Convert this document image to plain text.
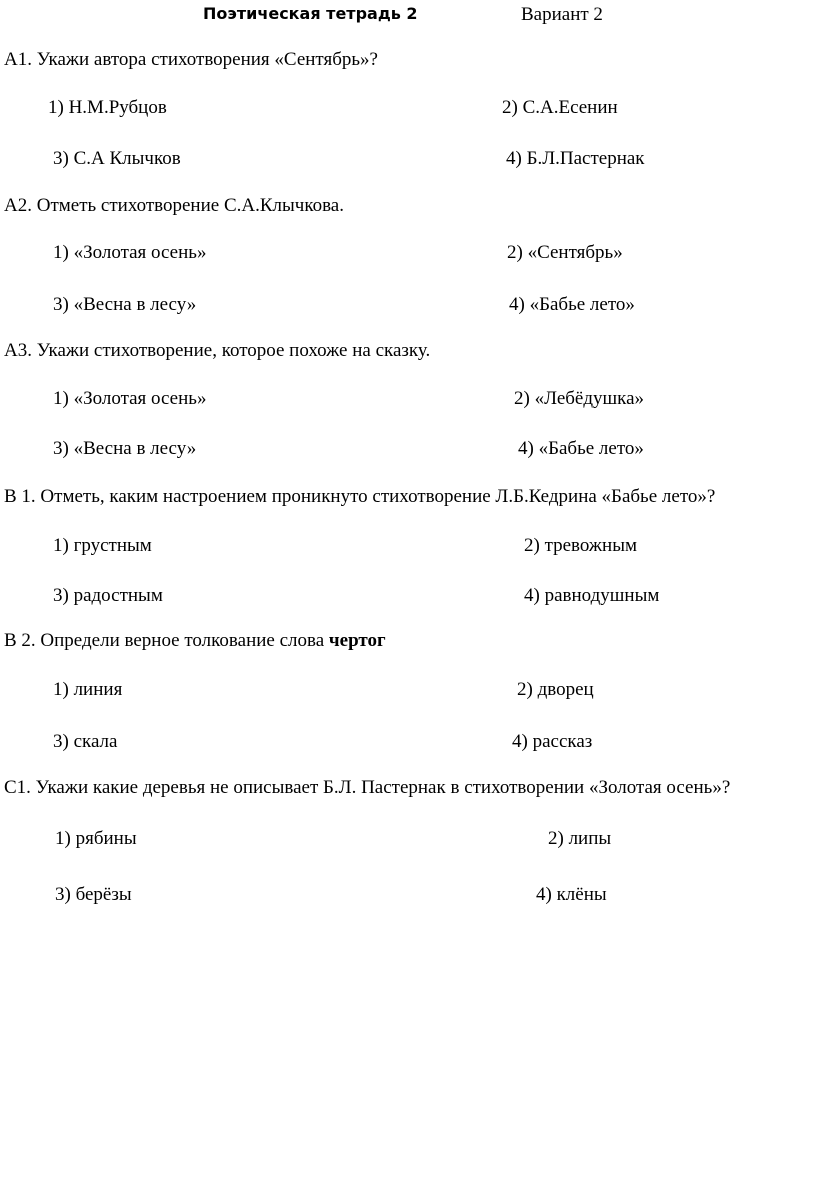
Поэтическая тетрадь 2	Вариант 2
А1. Укажи автора стихотворения «Сентябрь»?
1) Н.М.Рубцов	2) С.А.Есенин
3) С.А Клычков	4) Б.Л.Пастернак
А2. Отметь стихотворение С.А.Клычкова.
1) «Золотая осень»	2) «Сентябрь»
3) «Весна в лесу»	4) «Бабье лето»
А3. Укажи стихотворение, которое похоже на сказку.
1) «Золотая осень»	2) «Лебёдушка»
3) «Весна в лесу»	4) «Бабье лето»
В 1. Отметь, каким настроением проникнуто стихотворение Л.Б.Кедрина «Бабье лето»?
1) грустным	2) тревожным
3) радостным	4) равнодушным
В 2. Определи верное толкование слова чертог
1) линия	2) дворец
3) скала	4) рассказ
С1. Укажи какие деревья не описывает Б.Л. Пастернак в стихотворении «Золотая осень»?
1) рябины	2) липы
3) берёзы	4) клёны
